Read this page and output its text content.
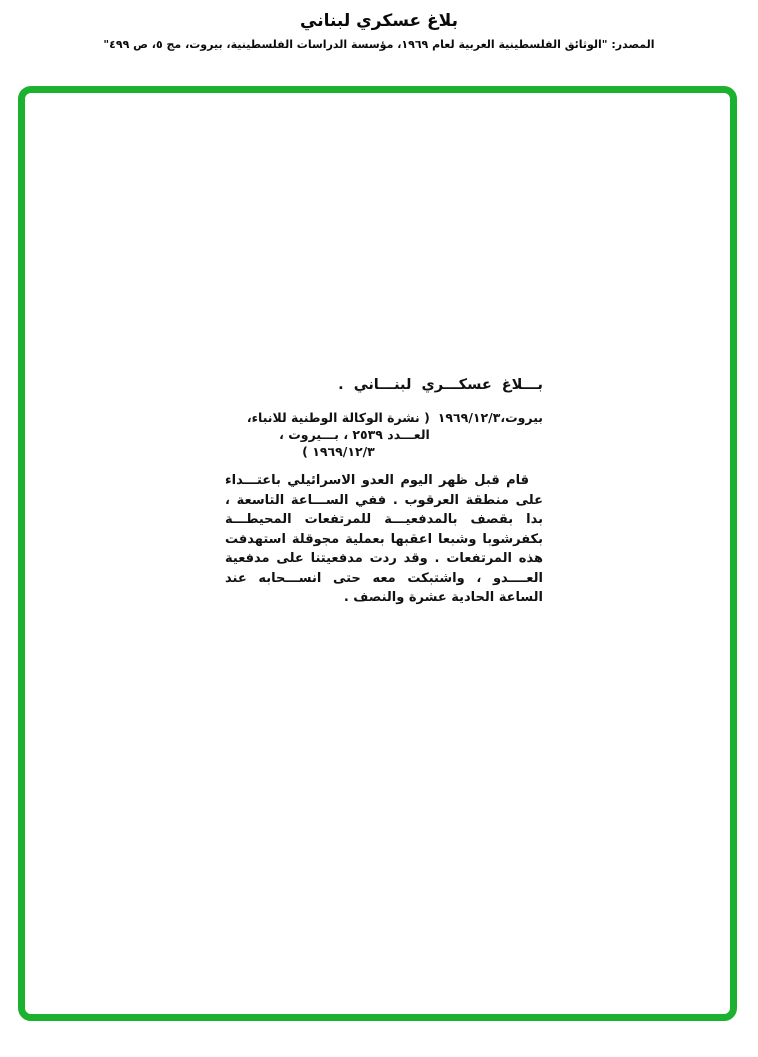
بلاغ عسكري لبناني
المصدر: "الوثائق الفلسطينية العربية لعام ١٩٦٩، مؤسسة الدراسات الفلسطينية، بيروت، مج ٥، ص ٤٩٩"
بـــلاغ عسكـــري لبنـــاني .
بيروت،١٩٦٩/١٢/٣
( نشرة الوكالة الوطنية للانباء،
العـــدد ٢٥٣٩ ، بـــيروت ،
١٩٦٩/١٢/٣ )

قام قبل ظهر اليوم العدو الاسرائيلي باعتـــداء على منطقة العرقوب . ففي الســـاعة التاسعة ، بدا بقصف بالمدفعيـــة للمرتفعات المحيطـــة بكفرشوبا وشبعا اعقبها بعملية مجوقلة استهدفت هذه المرتفعات . وقد ردت مدفعيتنا على مدفعية العــــدو ، واشتبكت معه حتى انســـحابه عند الساعة الحادية عشرة والنصف .
